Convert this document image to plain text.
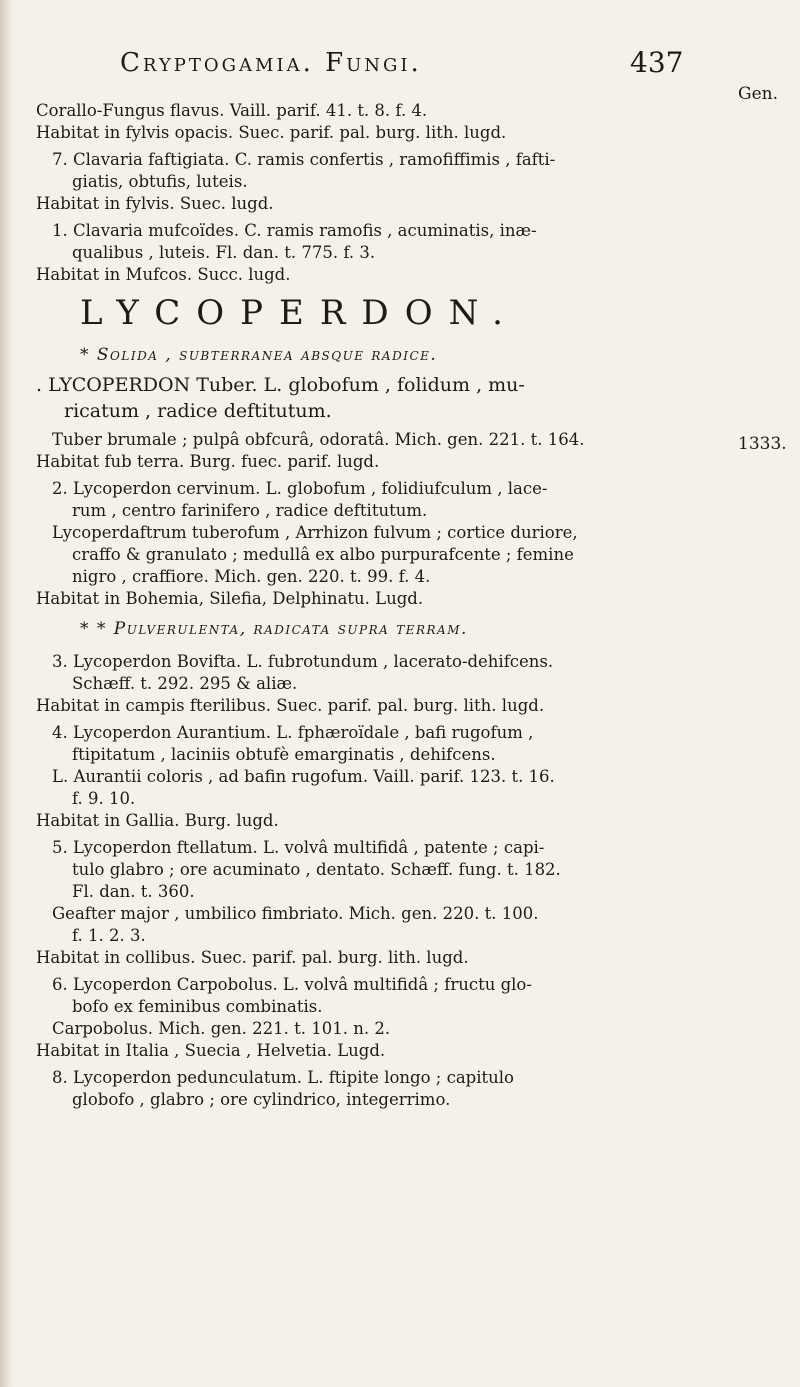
Cryptogamia. Fungi.	437
Gen.
1333.
Corallo-Fungus flavus. Vaill. parif. 41. t. 8. f. 4.
Habitat in fylvis opacis. Suec. parif. pal. burg. lith. lugd.
7. Clavaria faftigiata. C. ramis confertis , ramofiffimis , fafti-
giatis, obtufis, luteis.
Habitat in fylvis. Suec. lugd.
1. Clavaria mufcoïdes. C. ramis ramofis , acuminatis, inæ-
qualibus , luteis. Fl. dan. t. 775. f. 3.
Habitat in Mufcos. Succ. lugd.
LYCOPERDON.
* Solida , subterranea absque radice.
. LYCOPERDON Tuber. L. globofum , folidum , mu-
ricatum , radice deftitutum.
Tuber brumale ; pulpâ obfcurâ, odoratâ. Mich. gen. 221. t. 164.
Habitat fub terra. Burg. fuec. parif. lugd.
2. Lycoperdon cervinum. L. globofum , folidiufculum , lace-
rum , centro farinifero , radice deftitutum.
Lycoperdaftrum tuberofum , Arrhizon fulvum ; cortice duriore,
craffo & granulato ; medullâ ex albo purpurafcente ; femine
nigro , craffiore. Mich. gen. 220. t. 99. f. 4.
Habitat in Bohemia, Silefia, Delphinatu. Lugd.
* * Pulverulenta, radicata supra terram.
3. Lycoperdon Bovifta. L. fubrotundum , lacerato-dehifcens.
Schæff. t. 292. 295 & aliæ.
Habitat in campis fterilibus. Suec. parif. pal. burg. lith. lugd.
4. Lycoperdon Aurantium. L. fphæroïdale , bafi rugofum ,
ftipitatum , laciniis obtufè emarginatis , dehifcens.
L. Aurantii coloris , ad bafin rugofum. Vaill. parif. 123. t. 16.
f. 9. 10.
Habitat in Gallia. Burg. lugd.
5. Lycoperdon ftellatum. L. volvâ multifidâ , patente ; capi-
tulo glabro ; ore acuminato , dentato. Schæff. fung. t. 182.
Fl. dan. t. 360.
Geafter major , umbilico fimbriato. Mich. gen. 220. t. 100.
f. 1. 2. 3.
Habitat in collibus. Suec. parif. pal. burg. lith. lugd.
6. Lycoperdon Carpobolus. L. volvâ multifidâ ; fructu glo-
bofo ex feminibus combinatis.
Carpobolus. Mich. gen. 221. t. 101. n. 2.
Habitat in Italia , Suecia , Helvetia. Lugd.
8. Lycoperdon pedunculatum. L. ftipite longo ; capitulo
globofo , glabro ; ore cylindrico, integerrimo.
